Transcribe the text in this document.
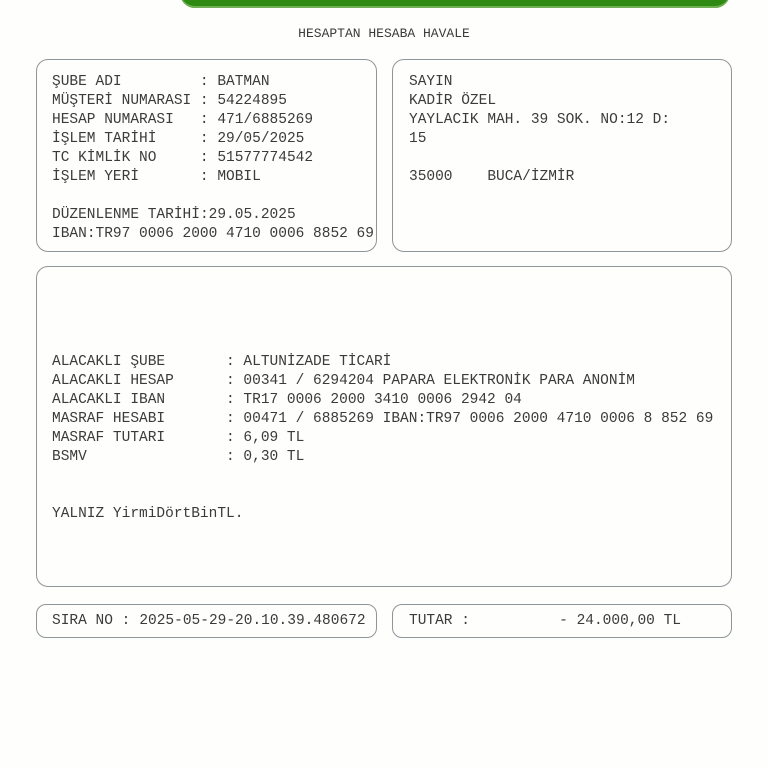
HESAPTAN HESABA HAVALE
ŞUBE ADI	: BATMAN
MÜŞTERİ NUMARASI : 54224895
HESAP NUMARASI	: 471/6885269
İŞLEM TARİHİ	: 29/05/2025
TC KİMLİK NO	: 51577774542
İŞLEM YERİ	: MOBIL
DÜZENLENME TARİHİ : 29.05.2025
IBAN : TR97 0006 2000 4710 0006 8852 69
SAYIN
KADİR ÖZEL
YAYLACIK MAH. 39 SOK. NO:12 D:
15
35000    BUCA/İZMİR
ALACAKLI ŞUBE	: ALTUNİZADE TİCARİ
ALACAKLI HESAP	: 00341 / 6294204 PAPARA ELEKTRONİK PARA ANONİM
ALACAKLI IBAN	: TR17 0006 2000 3410 0006 2942 04
MASRAF HESABI	: 00471 / 6885269 IBAN:TR97 0006 2000 4710 0006 8 852 69
MASRAF TUTARI	: 6,09 TL
BSMV	: 0,30 TL
YALNIZ YirmiDörtBinTL.
SIRA NO : 2025-05-29-20.10.39.480672	TUTAR :	- 24.000,00 TL
